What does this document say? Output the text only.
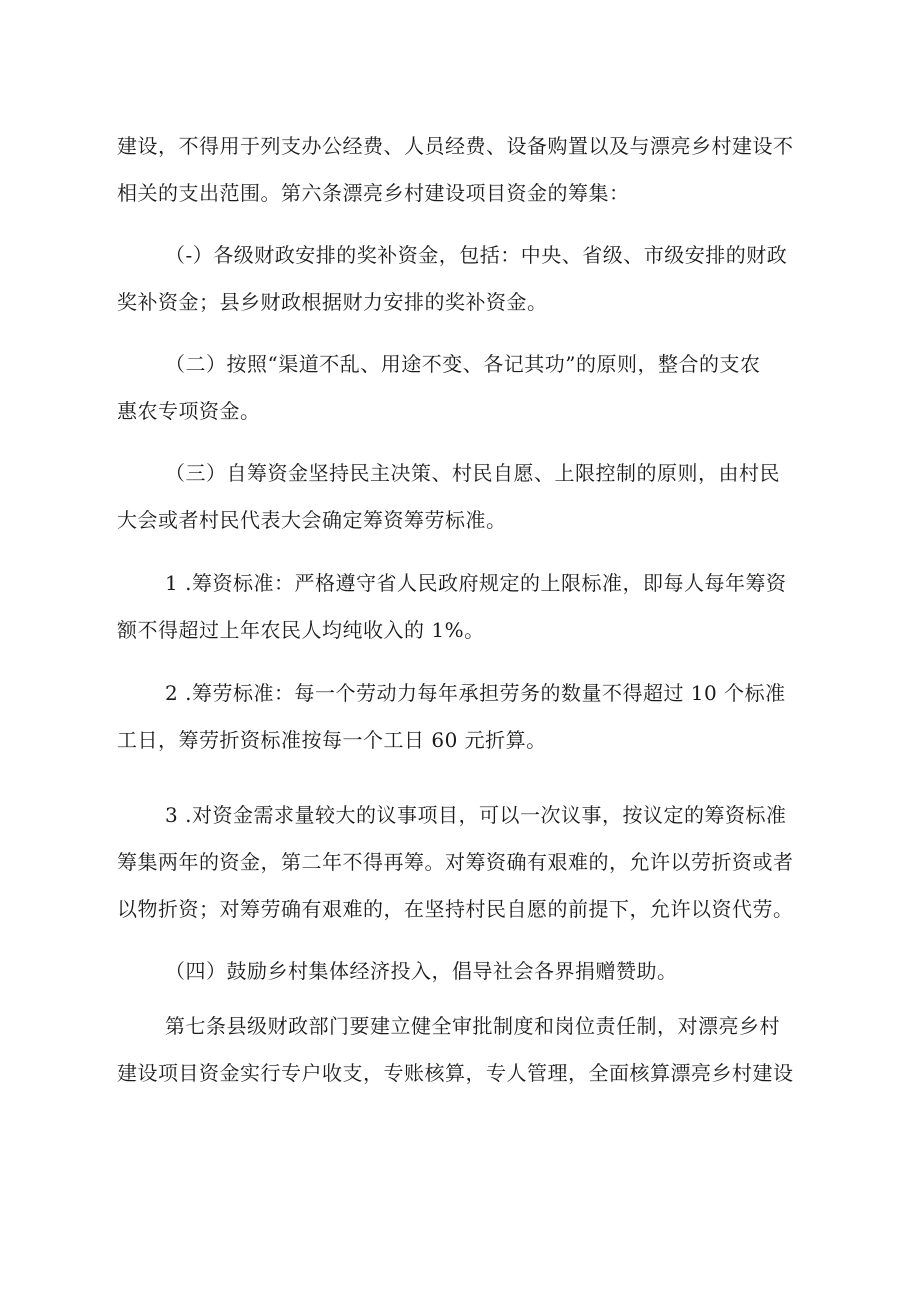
建设，不得用于列支办公经费、人员经费、设备购置以及与漂亮乡村建设不
相关的支出范围。第六条漂亮乡村建设项目资金的筹集：

（-）各级财政安排的奖补资金，包括：中央、省级、市级安排的财政
奖补资金；县乡财政根据财力安排的奖补资金。

（二）按照“渠道不乱、用途不变、各记其功”的原则，整合的支农
惠农专项资金。

（三）自筹资金坚持民主决策、村民自愿、上限控制的原则，由村民
大会或者村民代表大会确定筹资筹劳标准。

1 .筹资标准：严格遵守省人民政府规定的上限标准，即每人每年筹资
额不得超过上年农民人均纯收入的 1%。

2 .筹劳标准：每一个劳动力每年承担劳务的数量不得超过 10 个标准
工日，筹劳折资标准按每一个工日 60 元折算。

3 .对资金需求量较大的议事项目，可以一次议事，按议定的筹资标准
筹集两年的资金，第二年不得再筹。对筹资确有艰难的，允许以劳折资或者
以物折资；对筹劳确有艰难的，在坚持村民自愿的前提下，允许以资代劳。

（四）鼓励乡村集体经济投入，倡导社会各界捐赠赞助。

第七条县级财政部门要建立健全审批制度和岗位责任制，对漂亮乡村
建设项目资金实行专户收支，专账核算，专人管理，全面核算漂亮乡村建设
